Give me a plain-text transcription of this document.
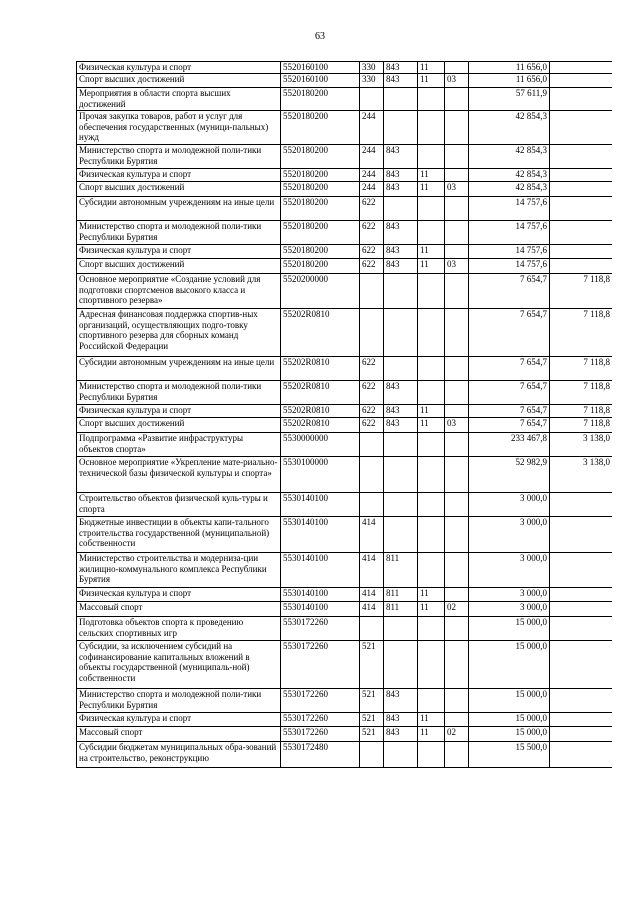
63
Физическая культура и спорт	5520160100	330	843	11		11 656,0	
Спорт высших достижений	5520160100	330	843	11	03	11 656,0	
Мероприятия в области спорта высших достижений	5520180200					57 611,9	
Прочая закупка товаров, работ и услуг для обеспечения государственных (муници-пальных) нужд	5520180200	244				42 854,3	
Министерство спорта и молодежной поли-тики Республики Бурятия	5520180200	244	843			42 854,3	
Физическая культура и спорт	5520180200	244	843	11		42 854,3	
Спорт высших достижений	5520180200	244	843	11	03	42 854,3	
Субсидии автономным учреждениям на иные цели	5520180200	622				14 757,6	
Министерство спорта и молодежной поли-тики Республики Бурятия	5520180200	622	843			14 757,6	
Физическая культура и спорт	5520180200	622	843	11		14 757,6	
Спорт высших достижений	5520180200	622	843	11	03	14 757,6	
Основное мероприятие «Создание условий для подготовки спортсменов высокого класса и спортивного резерва»	5520200000					7 654,7	7 118,8
Адресная финансовая поддержка спортив-ных организаций, осуществляющих подго-товку спортивного резерва для сборных команд Российской Федерации	55202R0810					7 654,7	7 118,8
Субсидии автономным учреждениям на иные цели	55202R0810	622				7 654,7	7 118,8
Министерство спорта и молодежной поли-тики Республики Бурятия	55202R0810	622	843			7 654,7	7 118,8
Физическая культура и спорт	55202R0810	622	843	11		7 654,7	7 118,8
Спорт высших достижений	55202R0810	622	843	11	03	7 654,7	7 118,8
Подпрограмма «Развитие инфраструктуры объектов спорта»	5530000000					233 467,8	3 138,0
Основное мероприятие «Укрепление мате-риально-технической базы физической культуры и спорта»	5530100000					52 982,9	3 138,0
Строительство объектов физической куль-туры и спорта	5530140100					3 000,0	
Бюджетные инвестиции в объекты капи-тального строительства государственной (муниципальной) собственности	5530140100	414				3 000,0	
Министерство строительства и модерниза-ции жилищно-коммунального комплекса Республики Бурятия	5530140100	414	811			3 000,0	
Физическая культура и спорт	5530140100	414	811	11		3 000,0	
Массовый спорт	5530140100	414	811	11	02	3 000,0	
Подготовка объектов спорта к проведению сельских спортивных игр	5530172260					15 000,0	
Субсидии, за исключением субсидий на софинансирование капитальных вложений в объекты государственной (муниципаль-ной) собственности	5530172260	521				15 000,0	
Министерство спорта и молодежной поли-тики Республики Бурятия	5530172260	521	843			15 000,0	
Физическая культура и спорт	5530172260	521	843	11		15 000,0	
Массовый спорт	5530172260	521	843	11	02	15 000,0	
Субсидии бюджетам муниципальных обра-зований на строительство, реконструкцию	5530172480					15 500,0	
